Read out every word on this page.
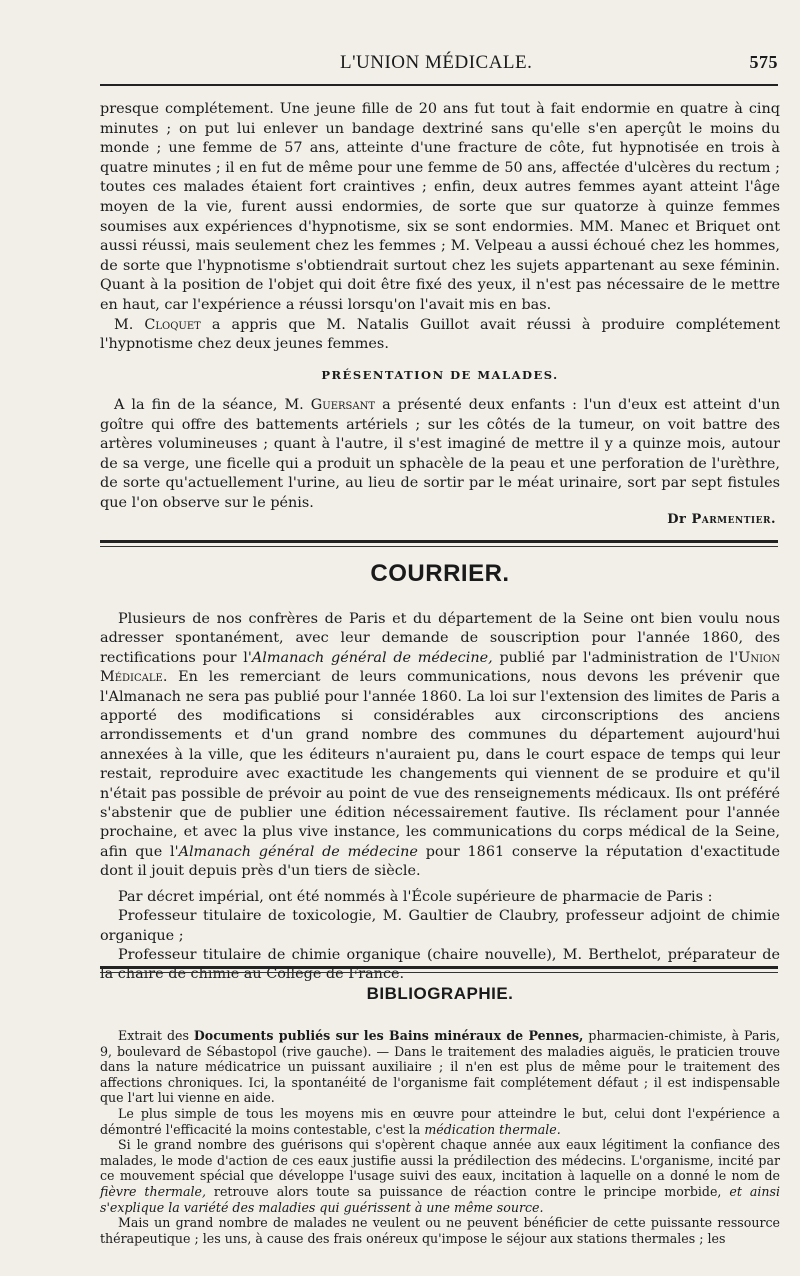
L'UNION MÉDICALE.	575

presque complétement. Une jeune fille de 20 ans fut tout à fait endormie en quatre à cinq minutes ; on put lui enlever un bandage dextriné sans qu'elle s'en aperçût le moins du monde ; une femme de 57 ans, atteinte d'une fracture de côte, fut hypnotisée en trois à quatre minutes ; il en fut de même pour une femme de 50 ans, affectée d'ulcères du rectum ; toutes ces malades étaient fort craintives ; enfin, deux autres femmes ayant atteint l'âge moyen de la vie, furent aussi endormies, de sorte que sur quatorze à quinze femmes soumises aux expériences d'hypnotisme, six se sont endormies. MM. Manec et Briquet ont aussi réussi, mais seulement chez les femmes ; M. Velpeau a aussi échoué chez les hommes, de sorte que l'hypnotisme s'obtiendrait surtout chez les sujets appartenant au sexe féminin. Quant à la position de l'objet qui doit être fixé des yeux, il n'est pas nécessaire de le mettre en haut, car l'expérience a réussi lorsqu'on l'avait mis en bas.

M. Cloquet a appris que M. Natalis Guillot avait réussi à produire complétement l'hypnotisme chez deux jeunes femmes.

PRÉSENTATION DE MALADES.

A la fin de la séance, M. Guersant a présenté deux enfants : l'un d'eux est atteint d'un goître qui offre des battements artériels ; sur les côtés de la tumeur, on voit battre des artères volumineuses ; quant à l'autre, il s'est imaginé de mettre il y a quinze mois, autour de sa verge, une ficelle qui a produit un sphacèle de la peau et une perforation de l'urèthre, de sorte qu'actuellement l'urine, au lieu de sortir par le méat urinaire, sort par sept fistules que l'on observe sur le pénis.

Dr Parmentier.
COURRIER.

Plusieurs de nos confrères de Paris et du département de la Seine ont bien voulu nous adresser spontanément, avec leur demande de souscription pour l'année 1860, des rectifications pour l'Almanach général de médecine, publié par l'administration de l'Union Médicale. En les remerciant de leurs communications, nous devons les prévenir que l'Almanach ne sera pas publié pour l'année 1860. La loi sur l'extension des limites de Paris a apporté des modifications si considérables aux circonscriptions des anciens arrondissements et d'un grand nombre des communes du département aujourd'hui annexées à la ville, que les éditeurs n'auraient pu, dans le court espace de temps qui leur restait, reproduire avec exactitude les changements qui viennent de se produire et qu'il n'était pas possible de prévoir au point de vue des renseignements médicaux. Ils ont préféré s'abstenir que de publier une édition nécessairement fautive. Ils réclament pour l'année prochaine, et avec la plus vive instance, les communications du corps médical de la Seine, afin que l'Almanach général de médecine pour 1861 conserve la réputation d'exactitude dont il jouit depuis près d'un tiers de siècle.

Par décret impérial, ont été nommés à l'École supérieure de pharmacie de Paris :

Professeur titulaire de toxicologie, M. Gaultier de Claubry, professeur adjoint de chimie organique ;

Professeur titulaire de chimie organique (chaire nouvelle), M. Berthelot, préparateur de la chaire de chimie au Collége de France.

BIBLIOGRAPHIE.

Extrait des Documents publiés sur les Bains minéraux de Pennes, pharmacien-chimiste, à Paris, 9, boulevard de Sébastopol (rive gauche). — Dans le traitement des maladies aiguës, le praticien trouve dans la nature médicatrice un puissant auxiliaire ; il n'en est plus de même pour le traitement des affections chroniques. Ici, la spontanéité de l'organisme fait complétement défaut ; il est indispensable que l'art lui vienne en aide.

Le plus simple de tous les moyens mis en œuvre pour atteindre le but, celui dont l'expérience a démontré l'efficacité la moins contestable, c'est la médication thermale.

Si le grand nombre des guérisons qui s'opèrent chaque année aux eaux légitiment la confiance des malades, le mode d'action de ces eaux justifie aussi la prédilection des médecins. L'organisme, incité par ce mouvement spécial que développe l'usage suivi des eaux, incitation à laquelle on a donné le nom de fièvre thermale, retrouve alors toute sa puissance de réaction contre le principe morbide, et ainsi s'explique la variété des maladies qui guérissent à une même source.

Mais un grand nombre de malades ne veulent ou ne peuvent bénéficier de cette puissante ressource thérapeutique ; les uns, à cause des frais onéreux qu'impose le séjour aux stations thermales ; les
